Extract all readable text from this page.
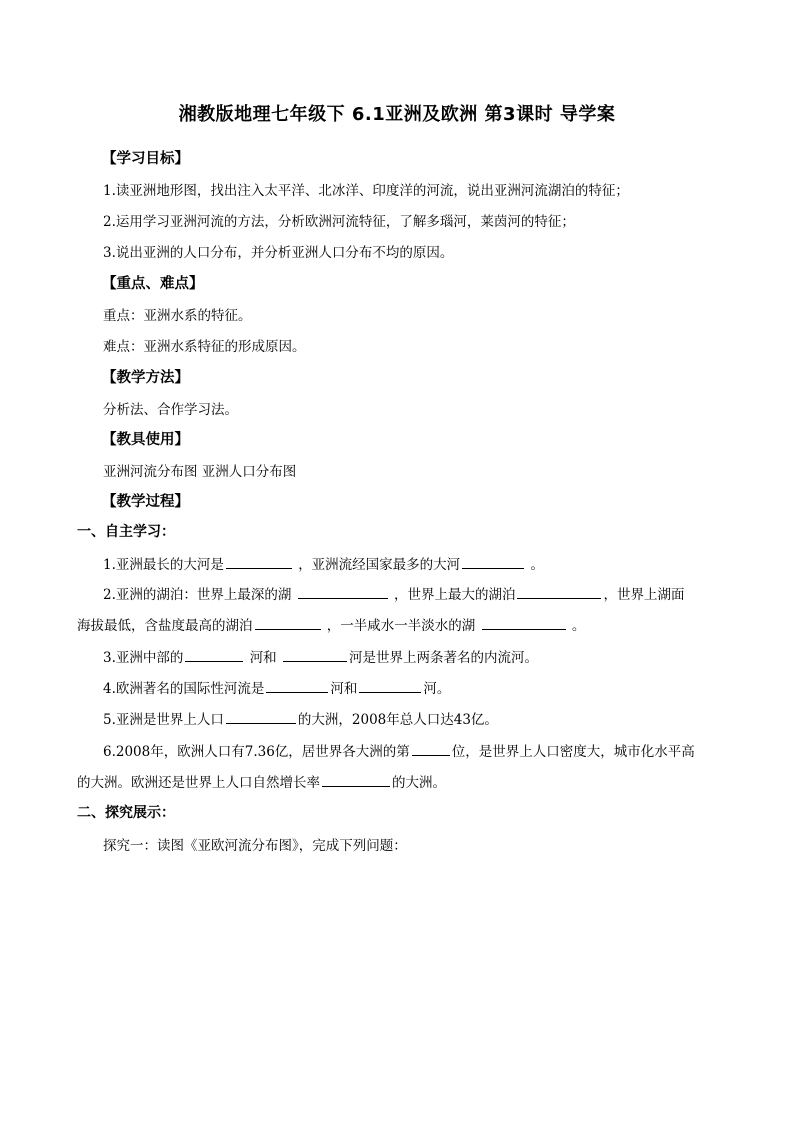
湘教版地理七年级下 6.1亚洲及欧洲 第3课时 导学案
【学习目标】
1.读亚洲地形图，找出注入太平洋、北冰洋、印度洋的河流，说出亚洲河流湖泊的特征；
2.运用学习亚洲河流的方法，分析欧洲河流特征，了解多瑙河，莱茵河的特征；
3.说出亚洲的人口分布，并分析亚洲人口分布不均的原因。
【重点、难点】
重点：亚洲水系的特征。
难点：亚洲水系特征的形成原因。
【教学方法】
分析法、合作学习法。
【教具使用】
亚洲河流分布图 亚洲人口分布图
【教学过程】
一、自主学习：
1.亚洲最长的大河是	，亚洲流经国家最多的大河	。
2.亚洲的湖泊：世界上最深的湖	，世界上最大的湖泊	，世界上湖面
海拔最低，含盐度最高的湖泊	，一半咸水一半淡水的湖	。
3.亚洲中部的	河和	河是世界上两条著名的内流河。
4.欧洲著名的国际性河流是	河和	河。
5.亚洲是世界上人口	的大洲，2008年总人口达43亿。
6.2008年，欧洲人口有7.36亿，居世界各大洲的第	位，是世界上人口密度大，城市化水平高
的大洲。欧洲还是世界上人口自然增长率	的大洲。
二、探究展示：
探究一：读图《亚欧河流分布图》，完成下列问题：
